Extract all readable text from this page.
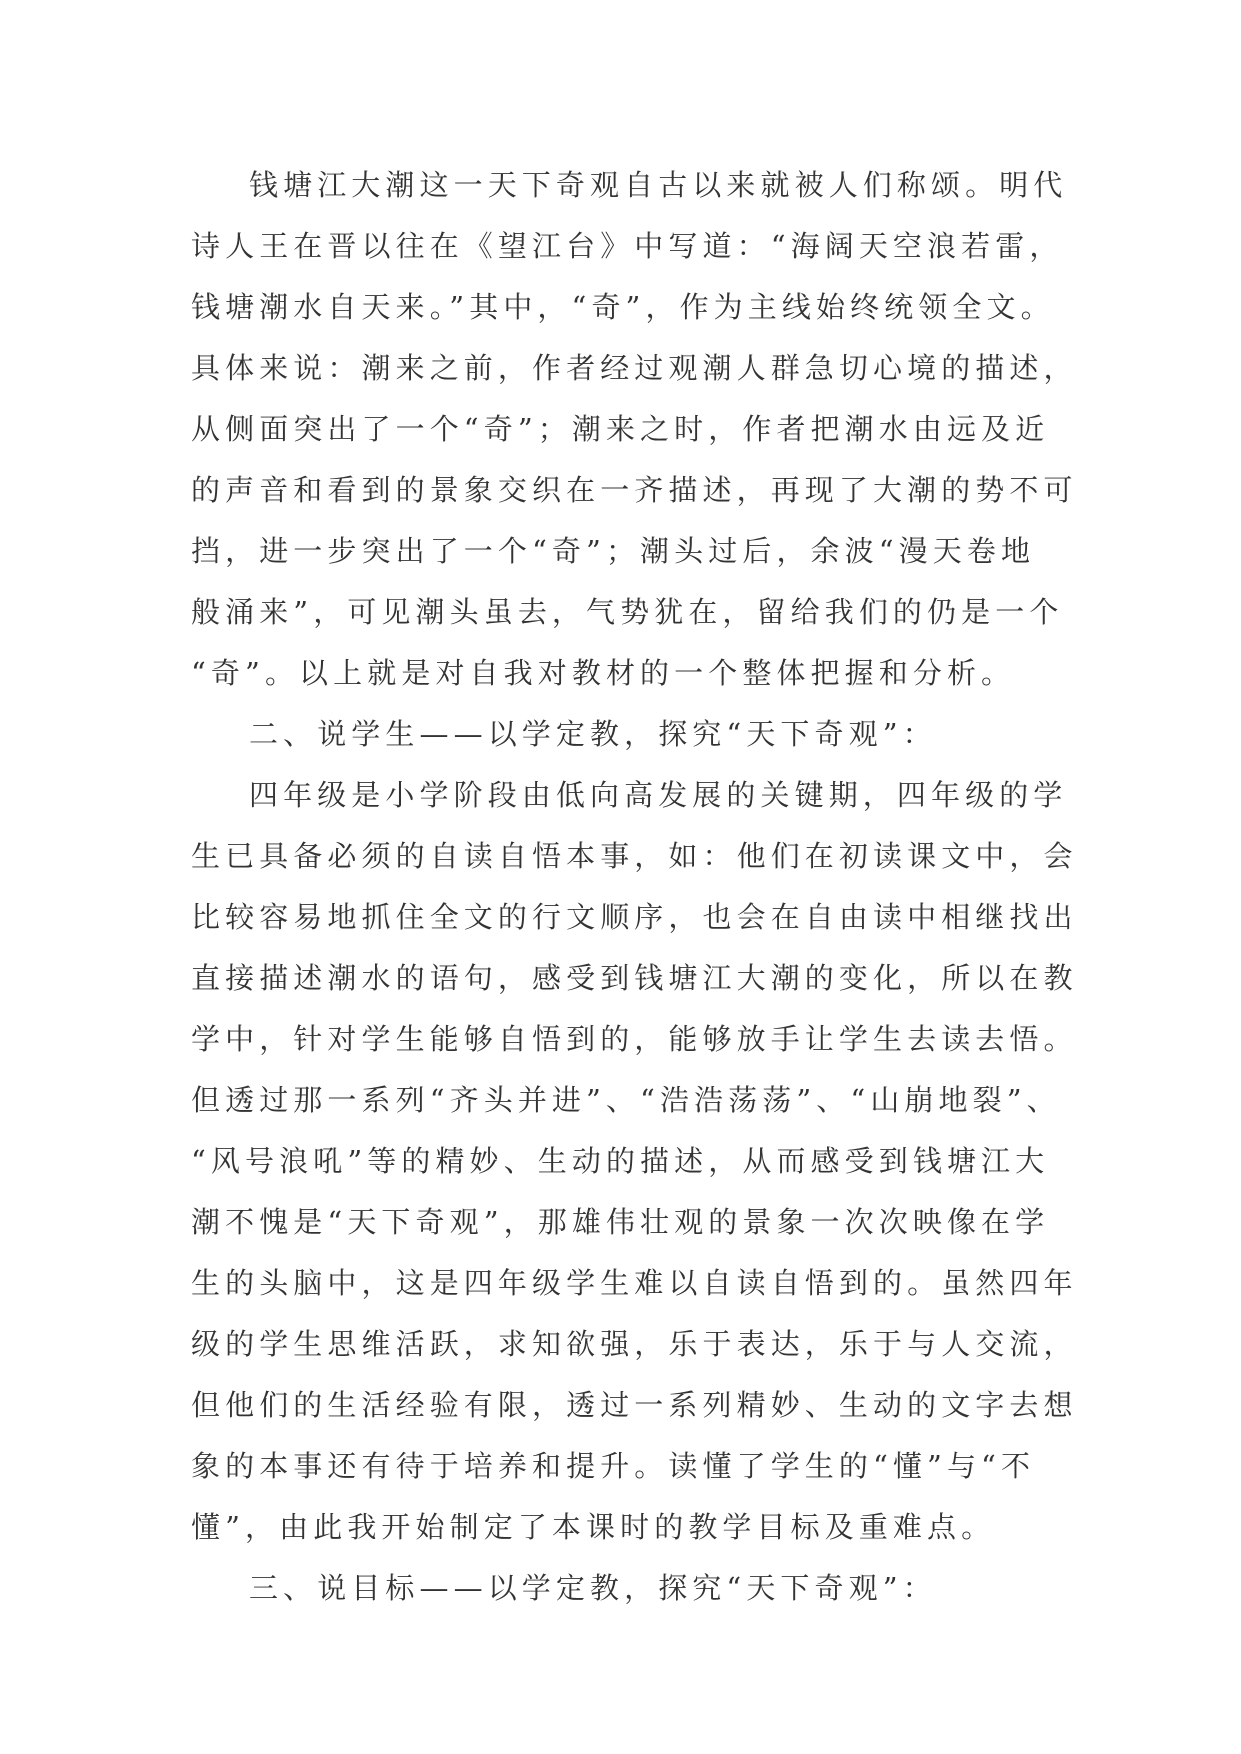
钱塘江大潮这一天下奇观自古以来就被人们称颂。明代
诗人王在晋以往在《望江台》中写道：“海阔天空浪若雷，
钱塘潮水自天来。”其中，“奇”，作为主线始终统领全文。
具体来说：潮来之前，作者经过观潮人群急切心境的描述，
从侧面突出了一个“奇”；潮来之时，作者把潮水由远及近
的声音和看到的景象交织在一齐描述，再现了大潮的势不可
挡，进一步突出了一个“奇”；潮头过后，余波“漫天卷地
般涌来”，可见潮头虽去，气势犹在，留给我们的仍是一个
“奇”。以上就是对自我对教材的一个整体把握和分析。
二、说学生——以学定教，探究“天下奇观”：
四年级是小学阶段由低向高发展的关键期，四年级的学
生已具备必须的自读自悟本事，如：他们在初读课文中，会
比较容易地抓住全文的行文顺序，也会在自由读中相继找出
直接描述潮水的语句，感受到钱塘江大潮的变化，所以在教
学中，针对学生能够自悟到的，能够放手让学生去读去悟。
但透过那一系列“齐头并进”、“浩浩荡荡”、“山崩地裂”、
“风号浪吼”等的精妙、生动的描述，从而感受到钱塘江大
潮不愧是“天下奇观”，那雄伟壮观的景象一次次映像在学
生的头脑中，这是四年级学生难以自读自悟到的。虽然四年
级的学生思维活跃，求知欲强，乐于表达，乐于与人交流，
但他们的生活经验有限，透过一系列精妙、生动的文字去想
象的本事还有待于培养和提升。读懂了学生的“懂”与“不
懂”，由此我开始制定了本课时的教学目标及重难点。
三、说目标——以学定教，探究“天下奇观”：
